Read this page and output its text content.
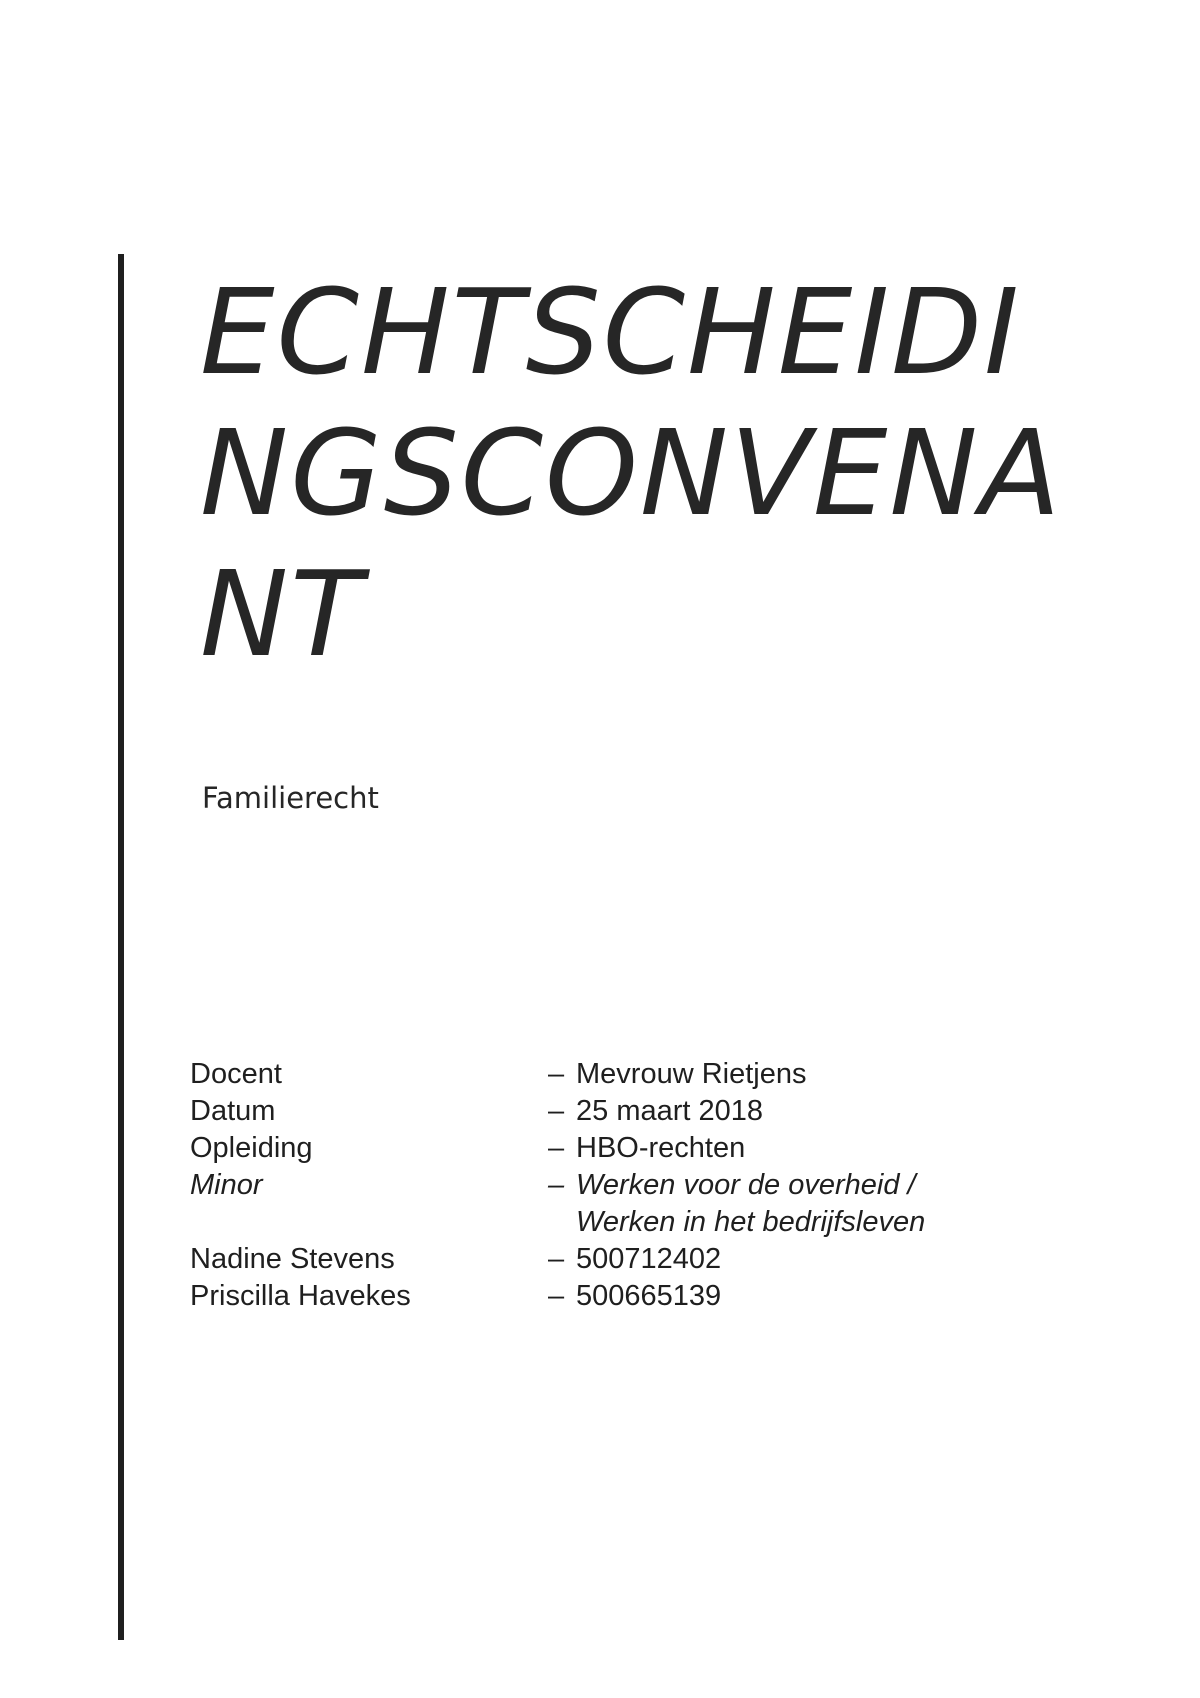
ECHTSCHEIDI
NGSCONVENA
NT
Familierecht
Docent	– Mevrouw Rietjens
Datum	– 25 maart 2018
Opleiding	– HBO-rechten
Minor	– Werken voor de overheid /
Werken in het bedrijfsleven
Nadine Stevens	– 500712402
Priscilla Havekes	– 500665139
